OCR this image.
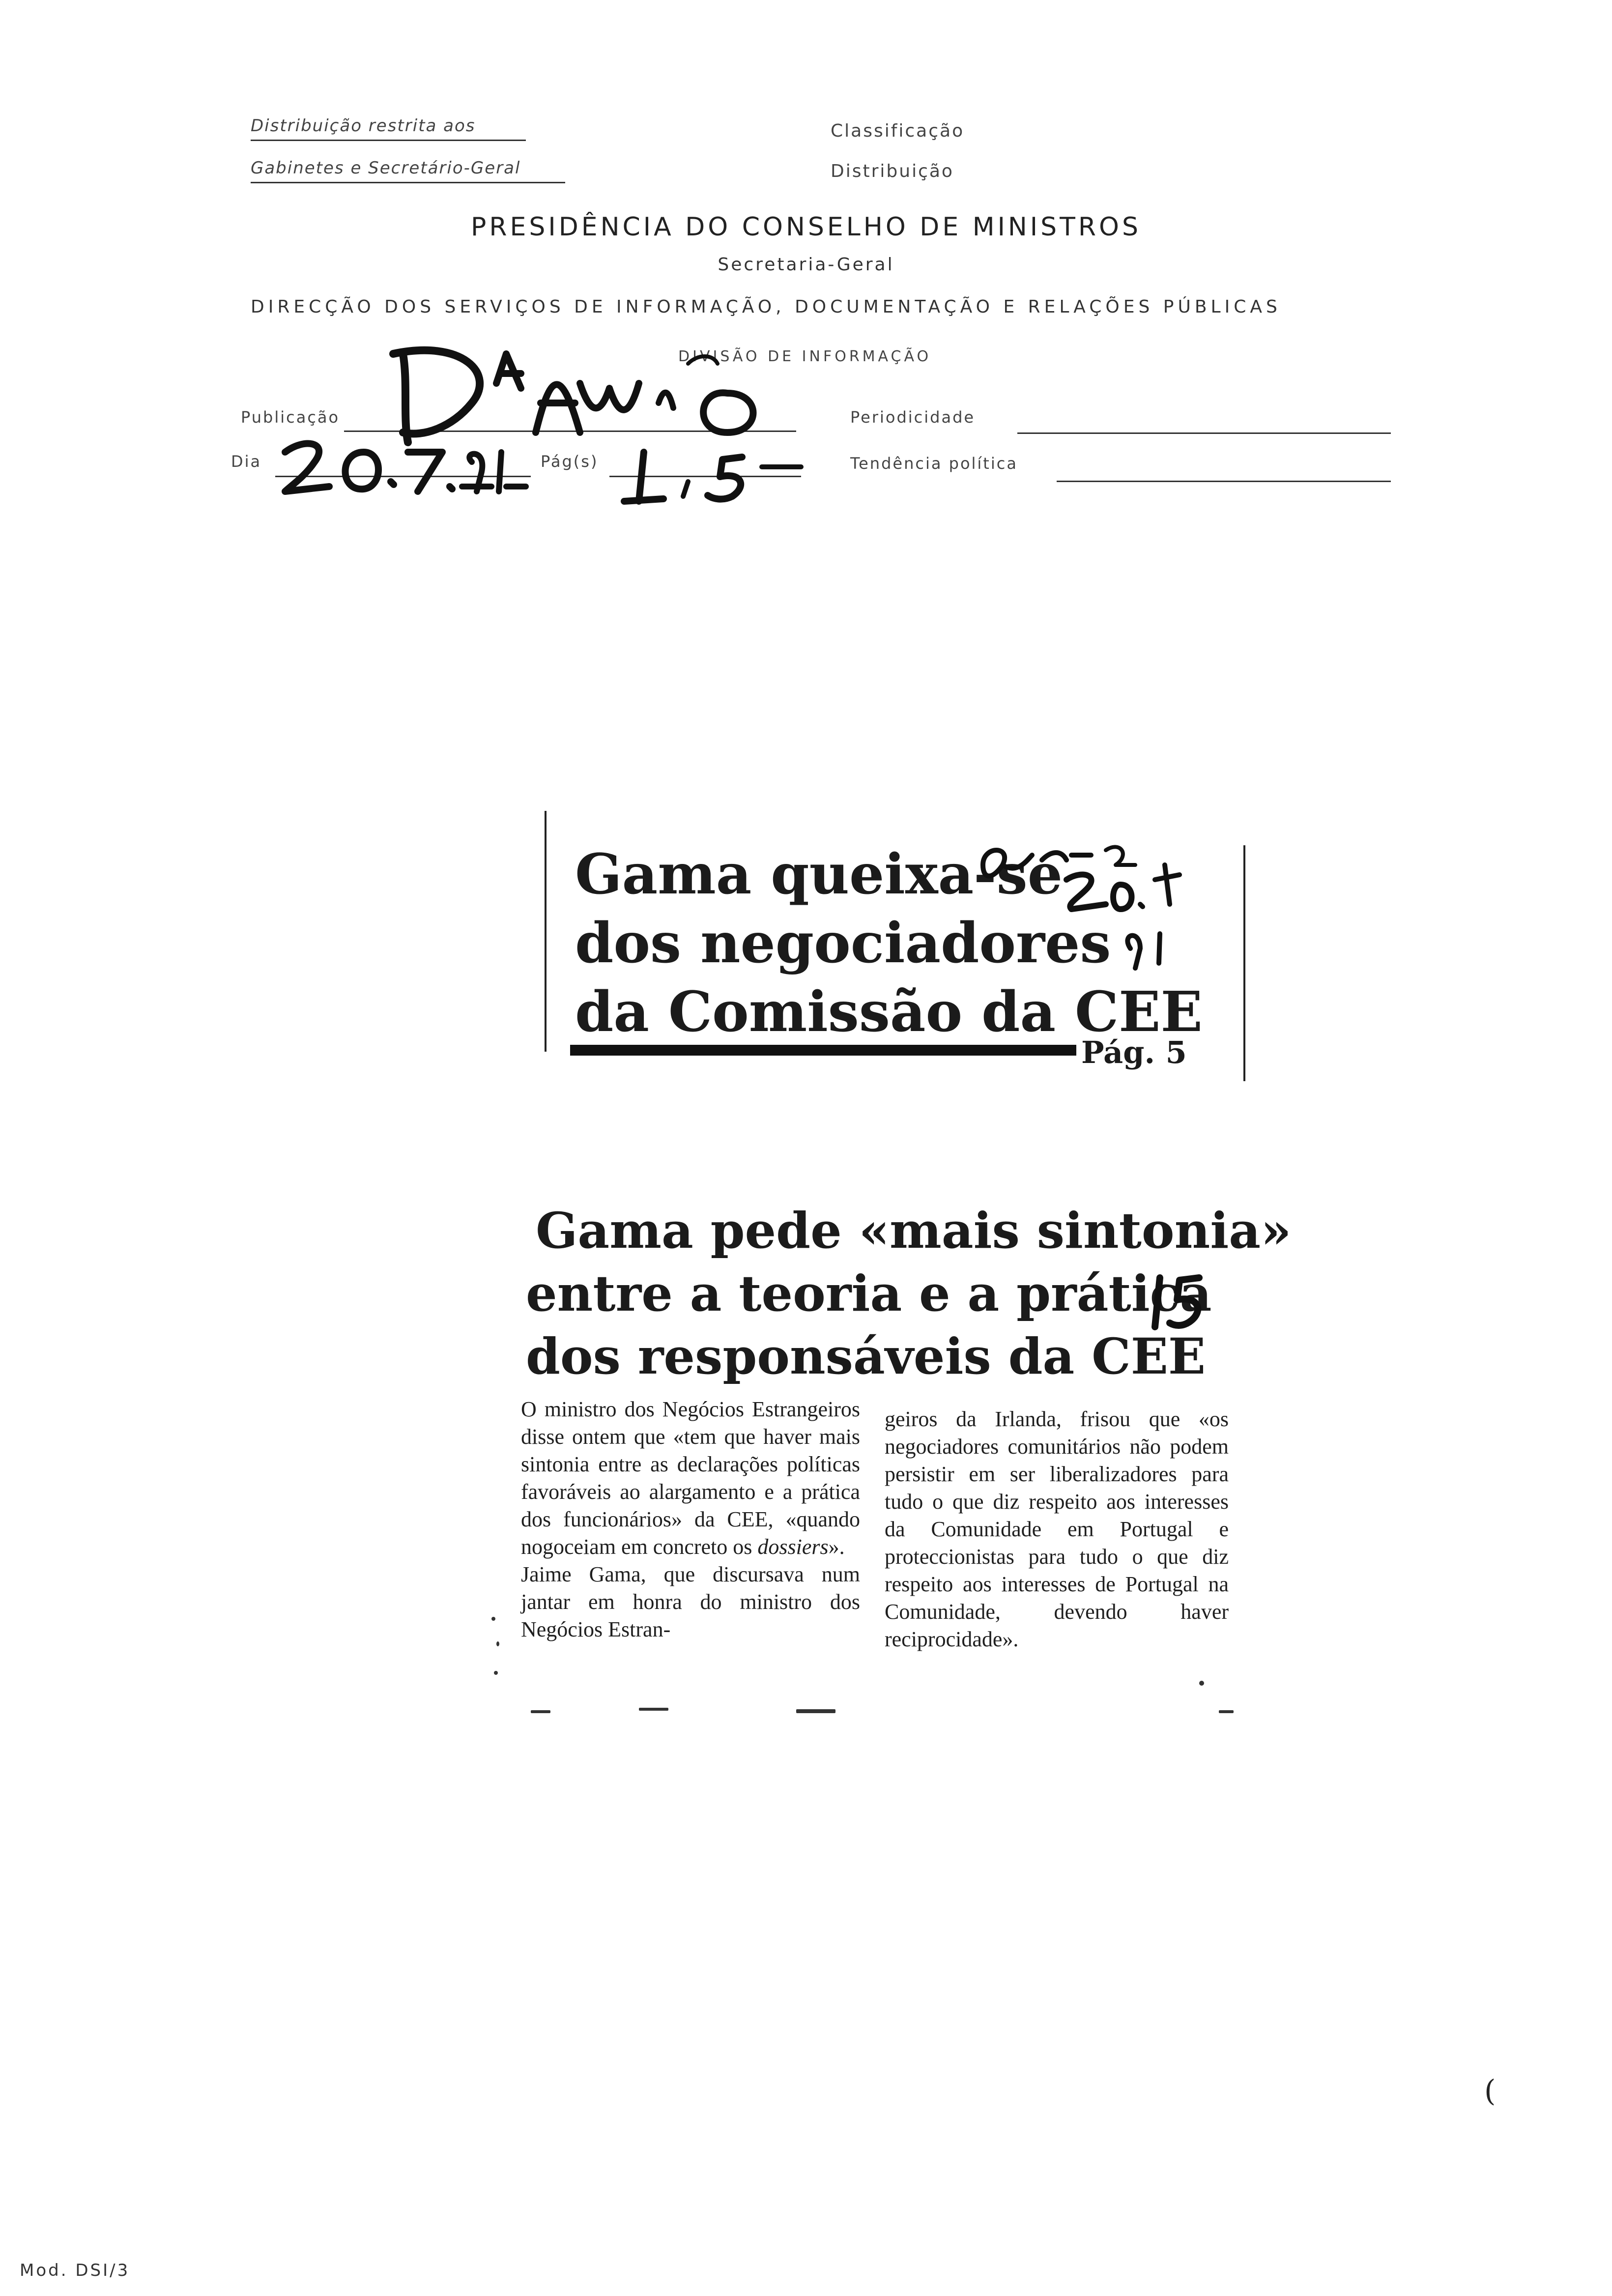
Distribuição restrita aos
Gabinetes e Secretário-Geral
Classificação
Distribuição
PRESIDÊNCIA DO CONSELHO DE MINISTROS
Secretaria-Geral
DIRECÇÃO DOS SERVIÇOS DE INFORMAÇÃO, DOCUMENTAÇÃO E RELAÇÕES PÚBLICAS
DIVISÃO DE INFORMAÇÃO
Publicação
Dia	Pág(s)
Periodicidade
Tendência política
Gama queixa-se
dos negociadores
da Comissão da CEE
Pág. 5
Gama pede «mais sintonia»
entre a teoria e a prática
dos responsáveis da CEE
O ministro dos Negócios Estrangeiros disse ontem que «tem que haver mais sintonia entre as declarações políticas favoráveis ao alargamento e a prática dos funcionários» da CEE, «quando nogoceiam em concreto os dossiers».
Jaime Gama, que discursava num jantar em honra do ministro dos Negócios Estran-
geiros da Irlanda, frisou que «os negociadores comunitários não podem persistir em ser liberalizadores para tudo o que diz respeito aos interesses da Comunidade em Portugal e proteccionistas para tudo o que diz respeito aos interesses de Portugal na Comunidade, devendo haver reciprocidade».
(
Mod. DSI/3
